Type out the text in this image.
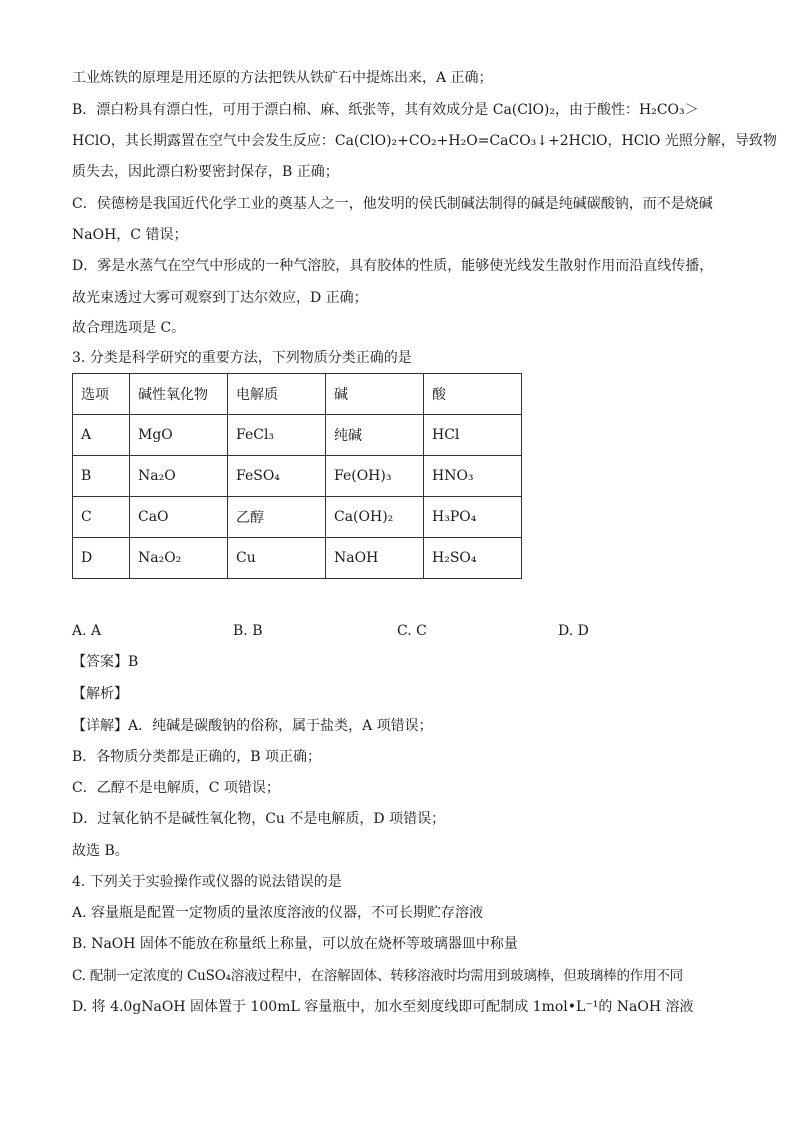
工业炼铁的原理是用还原的方法把铁从铁矿石中提炼出来，A 正确；
B．漂白粉具有漂白性，可用于漂白棉、麻、纸张等，其有效成分是 Ca(ClO)₂，由于酸性：H₂CO₃＞
HClO，其长期露置在空气中会发生反应：Ca(ClO)₂+CO₂+H₂O=CaCO₃↓+2HClO，HClO 光照分解，导致物
质失去，因此漂白粉要密封保存，B 正确；
C．侯德榜是我国近代化学工业的奠基人之一，他发明的侯氏制碱法制得的碱是纯碱碳酸钠，而不是烧碱
NaOH，C 错误；
D．雾是水蒸气在空气中形成的一种气溶胶，具有胶体的性质，能够使光线发生散射作用而沿直线传播，
故光束透过大雾可观察到丁达尔效应，D 正确；
故合理选项是 C。
3. 分类是科学研究的重要方法，下列物质分类正确的是
选项	碱性氧化物	电解质	碱	酸
A	MgO	FeCl₃	纯碱	HCl
B	Na₂O	FeSO₄	Fe(OH)₃	HNO₃
C	CaO	乙醇	Ca(OH)₂	H₃PO₄
D	Na₂O₂	Cu	NaOH	H₂SO₄
A. A	B. B	C. C	D. D
【答案】B
【解析】
【详解】A．纯碱是碳酸钠的俗称，属于盐类，A 项错误；
B．各物质分类都是正确的，B 项正确；
C．乙醇不是电解质，C 项错误；
D．过氧化钠不是碱性氧化物，Cu 不是电解质，D 项错误；
故选 B。
4. 下列关于实验操作或仪器的说法错误的是
A. 容量瓶是配置一定物质的量浓度溶液的仪器，不可长期贮存溶液
B. NaOH 固体不能放在称量纸上称量，可以放在烧杯等玻璃器皿中称量
C. 配制一定浓度的 CuSO₄溶液过程中，在溶解固体、转移溶液时均需用到玻璃棒，但玻璃棒的作用不同
D. 将 4.0gNaOH 固体置于 100mL 容量瓶中，加水至刻度线即可配制成 1mol•L⁻¹的 NaOH 溶液
